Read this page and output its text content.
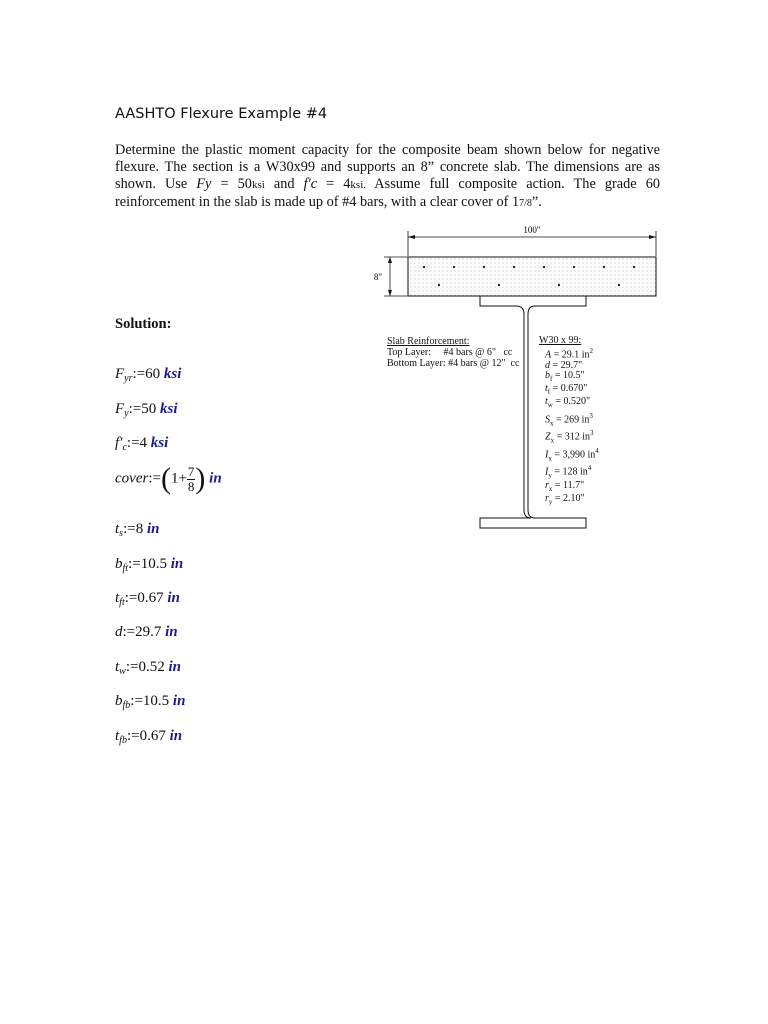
AASHTO Flexure Example #4
Determine the plastic moment capacity for the composite beam shown below for negative flexure. The section is a W30x99 and supports an 8” concrete slab. The dimensions are as shown. Use Fy = 50ksi and f′c = 4ksi. Assume full composite action. The grade 60 reinforcement in the slab is made up of #4 bars, with a clear cover of 17/8”.
100"
8"
Slab Reinforcement:
Top Layer:     #4 bars @ 6"   cc
Bottom Layer: #4 bars @ 12"  cc
W30 x 99:
A = 29.1 $in^2$
d = 29.7"
$b_f = 10.5$"
$t_f = 0.670$"
$t_w = 0.520$"
$S_x = 269$ $in^3$
$Z_x = 312$ $in^3$
$I_x = 3,990$ $in^4$
$I_y = 128$ $in^4$
$r_x = 11.7$"
$r_y = 2.10$"
Solution:
$F_{yr}:=60$ ksi
$F_y:=50$ ksi
$f'_c:=4$ ksi
cover:=(1+ $\frac{7}{8}$ ) in
$t_s:=8$ in
$b_{ft}:=10.5$ in
$t_{ft}:=0.67$ in
d:=29.7 in
$t_w:=0.52$ in
$b_{fb}:=10.5$ in
$t_{fb}:=0.67$ in
